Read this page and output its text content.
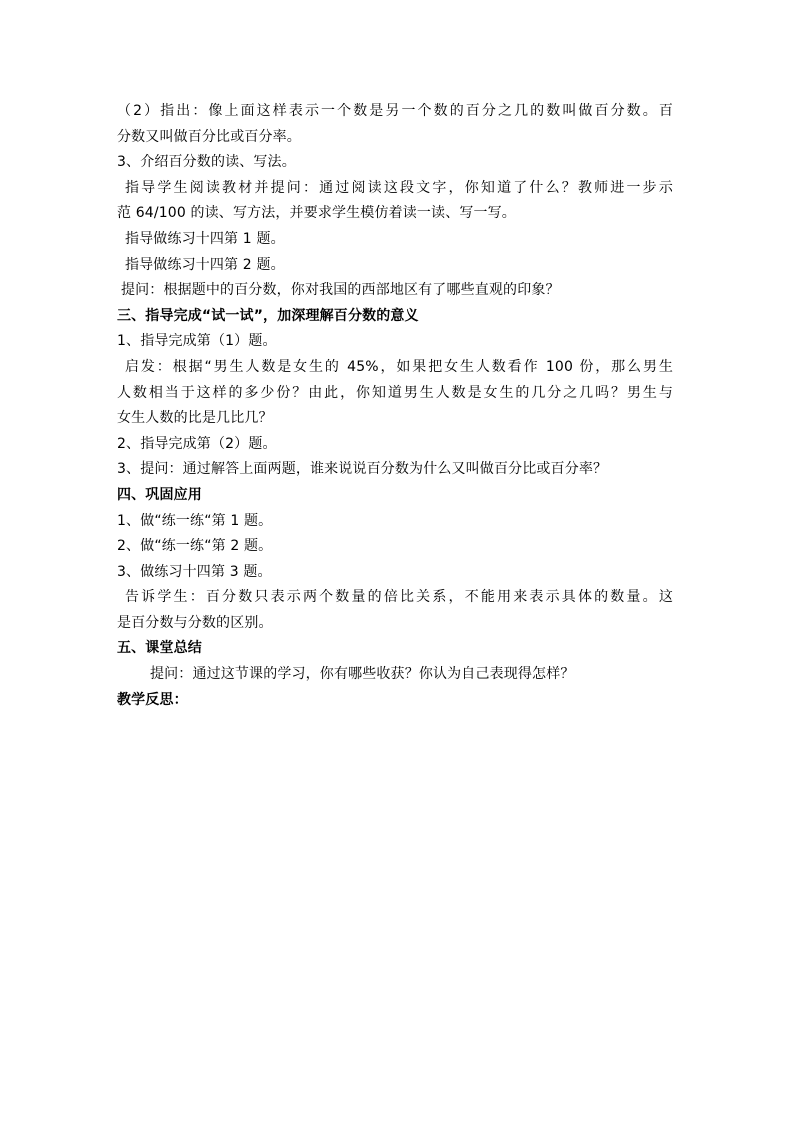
（2）指出：像上面这样表示一个数是另一个数的百分之几的数叫做百分数。百
分数又叫做百分比或百分率。
3、介绍百分数的读、写法。
指导学生阅读教材并提问：通过阅读这段文字，你知道了什么？教师进一步示
范 64/100 的读、写方法，并要求学生模仿着读一读、写一写。
指导做练习十四第 1 题。
指导做练习十四第 2 题。
提问：根据题中的百分数，你对我国的西部地区有了哪些直观的印象？
三、指导完成“试一试”，加深理解百分数的意义
1、指导完成第（1）题。
启发：根据“男生人数是女生的 45%，如果把女生人数看作 100 份，那么男生
人数相当于这样的多少份？由此，你知道男生人数是女生的几分之几吗？男生与
女生人数的比是几比几？
2、指导完成第（2）题。
3、提问：通过解答上面两题，谁来说说百分数为什么又叫做百分比或百分率？
四、巩固应用
1、做“练一练“第 1 题。
2、做“练一练“第 2 题。
3、做练习十四第 3 题。
告诉学生：百分数只表示两个数量的倍比关系，不能用来表示具体的数量。这
是百分数与分数的区别。
五、课堂总结
提问：通过这节课的学习，你有哪些收获？你认为自己表现得怎样？
教学反思：
